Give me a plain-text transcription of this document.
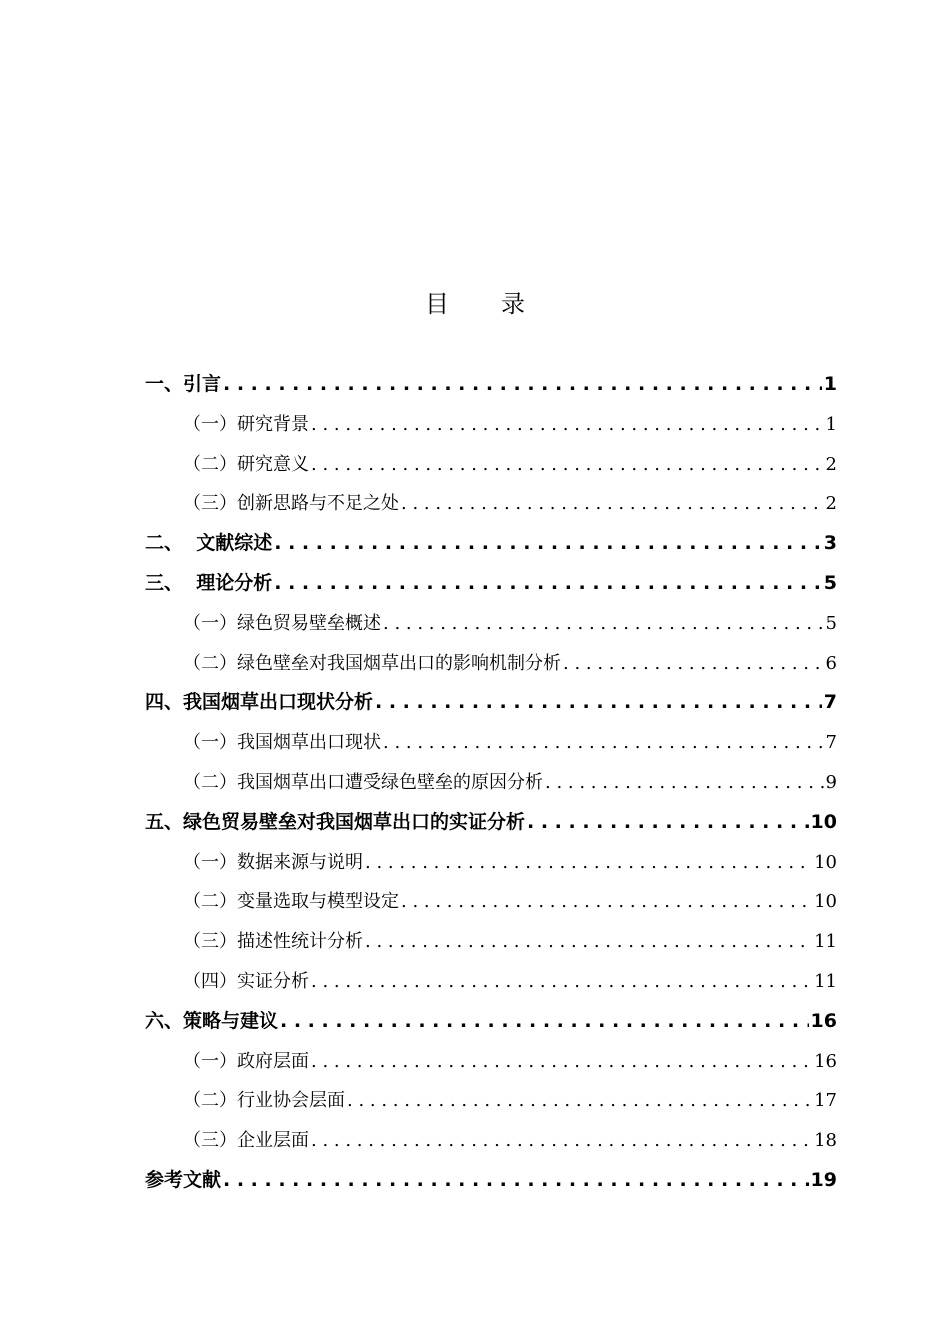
目 录
一、引言 . . .	1
（一）研究背景 . . .	1
（二）研究意义 . . .	2
（三）创新思路与不足之处 . . .	2
二、  文献综述 . . .	3
三、  理论分析 . . .	5
（一）绿色贸易壁垒概述 . . .	5
（二）绿色壁垒对我国烟草出口的影响机制分析 . . .	6
四、我国烟草出口现状分析 . . .	7
（一）我国烟草出口现状 . . .	7
（二）我国烟草出口遭受绿色壁垒的原因分析 . . .	9
五、绿色贸易壁垒对我国烟草出口的实证分析 . . .	10
（一）数据来源与说明 . . .	10
（二）变量选取与模型设定 . . .	10
（三）描述性统计分析 . . .	11
（四）实证分析 . . .	11
六、策略与建议 . . .	16
（一）政府层面 . . .	16
（二）行业协会层面 . . .	17
（三）企业层面 . . .	18
参考文献 . . .	19
